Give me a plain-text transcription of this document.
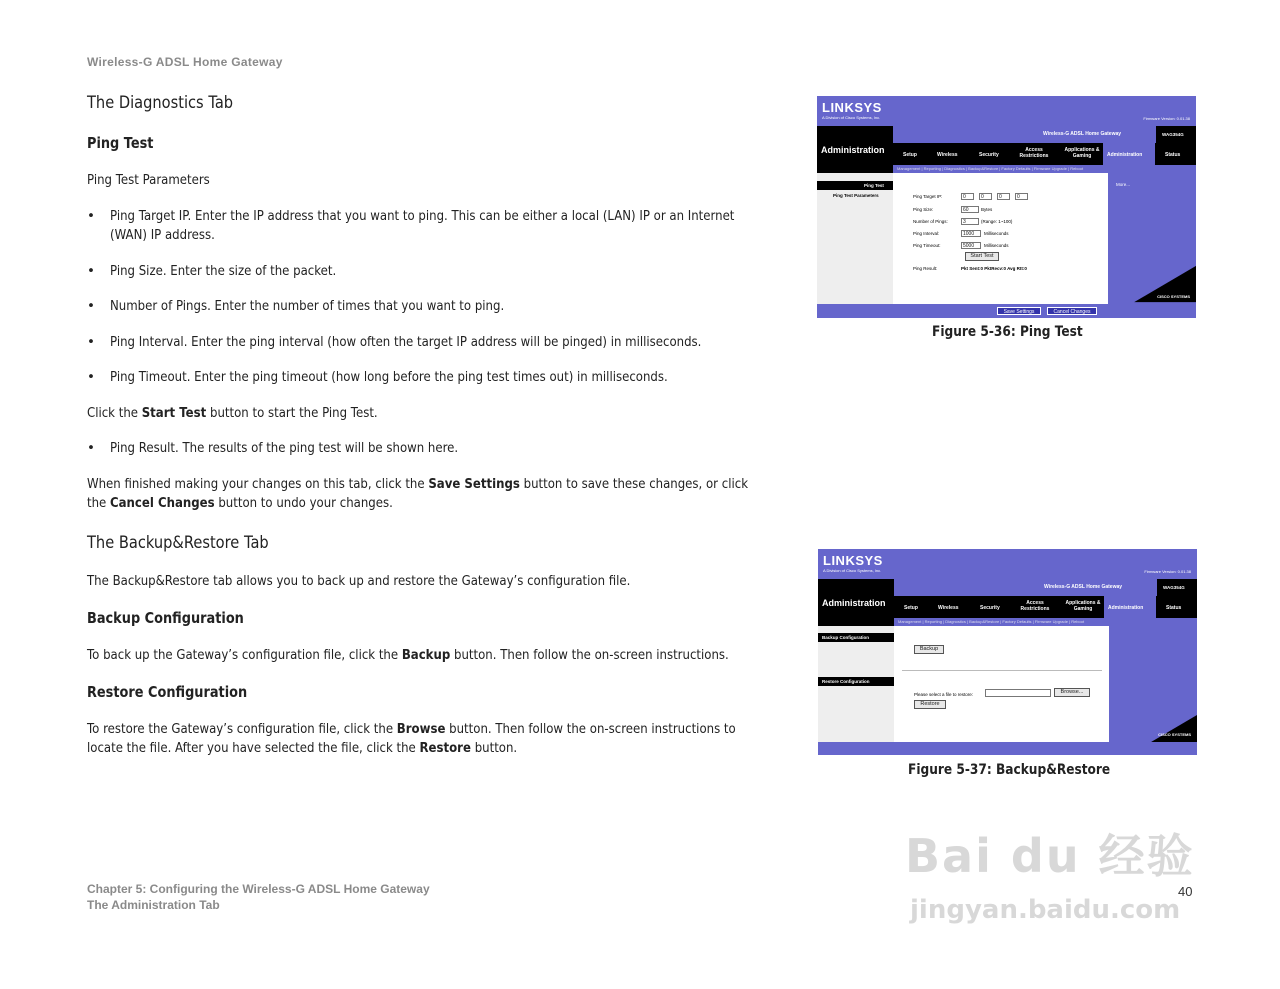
Wireless-G ADSL Home Gateway
The Diagnostics Tab
Ping Test
Ping Test Parameters
• Ping Target IP. Enter the IP address that you want to ping. This can be either a local (LAN) IP or an Internet
(WAN) IP address.
• Ping Size. Enter the size of the packet.
• Number of Pings. Enter the number of times that you want to ping.
• Ping Interval. Enter the ping interval (how often the target IP address will be pinged) in milliseconds.
• Ping Timeout. Enter the ping timeout (how long before the ping test times out) in milliseconds.
Click the Start Test button to start the Ping Test.
• Ping Result. The results of the ping test will be shown here.
When finished making your changes on this tab, click the Save Settings button to save these changes, or click
the Cancel Changes button to undo your changes.
The Backup&Restore Tab
The Backup&Restore tab allows you to back up and restore the Gateway’s configuration file.
Backup Configuration
To back up the Gateway’s configuration file, click the Backup button. Then follow the on-screen instructions.
Restore Configuration
To restore the Gateway’s configuration file, click the Browse button. Then follow the on-screen instructions to
locate the file. After you have selected the file, click the Restore button.
LINKSYS
A Division of Cisco Systems, Inc.	Firmware Version: 0.01.38
Administration
Wireless-G ADSL Home Gateway	WAG354G
Setup	Wireless	Security
Access Restrictions
Applications & Gaming	Administration	Status
Management | Reporting | Diagnostics | Backup&Restore | Factory Defaults | Firmware Upgrade | Reboot
Ping Test
Ping Test Parameters
More...
CISCO SYSTEMS
Ping Target IP:	0	0	0	0
Ping Size:	60	Bytes
Number of Pings:	3	(Range: 1~100)
Ping Interval:	1000	Milliseconds
Ping Timeout:	5000	Milliseconds
Start Test
Ping Result:	Pkt Sent:0 PktRecv:0 Avg Rtt:0
Save Settings	Cancel Changes
Figure 5-36: Ping Test
LINKSYS
A Division of Cisco Systems, Inc.	Firmware Version: 0.01.38
Administration
Wireless-G ADSL Home Gateway	WAG354G
Setup	Wireless	Security
Access Restrictions
Applications & Gaming	Administration	Status
Management | Reporting | Diagnostics | Backup&Restore | Factory Defaults | Firmware Upgrade | Reboot
Backup Configuration
Restore Configuration
CISCO SYSTEMS
Backup
Please select a file to restore:	Browse...
Restore
Figure 5-37: Backup&Restore
Bai du 经验
jingyan.baidu.com
Chapter 5: Configuring the Wireless-G ADSL Home Gateway
The Administration Tab
40
